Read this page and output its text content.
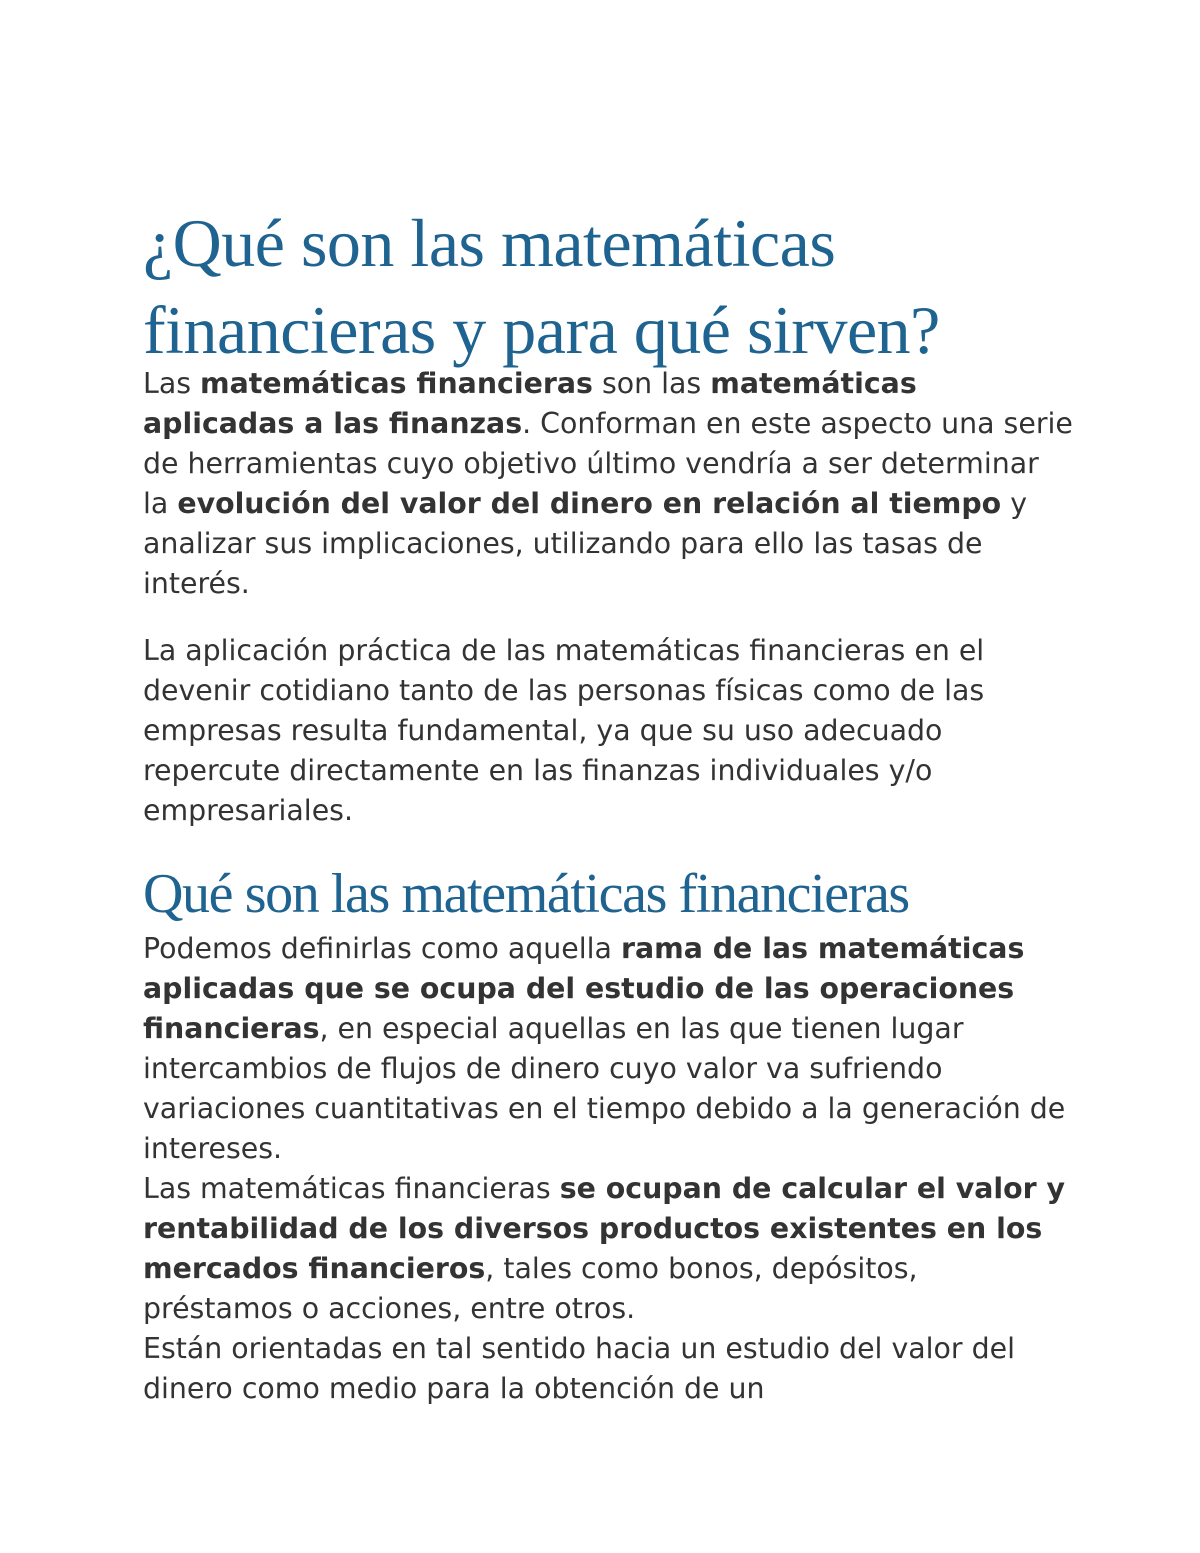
¿Qué son las matemáticas financieras y para qué sirven?

Las matemáticas financieras son las matemáticas aplicadas a las finanzas. Conforman en este aspecto una serie de herramientas cuyo objetivo último vendría a ser determinar la evolución del valor del dinero en relación al tiempo y analizar sus implicaciones, utilizando para ello las tasas de interés.

La aplicación práctica de las matemáticas financieras en el devenir cotidiano tanto de las personas físicas como de las empresas resulta fundamental, ya que su uso adecuado repercute directamente en las finanzas individuales y/o empresariales.

Qué son las matemáticas financieras

Podemos definirlas como aquella rama de las matemáticas aplicadas que se ocupa del estudio de las operaciones financieras, en especial aquellas en las que tienen lugar intercambios de flujos de dinero cuyo valor va sufriendo variaciones cuantitativas en el tiempo debido a la generación de intereses.

Las matemáticas financieras se ocupan de calcular el valor y rentabilidad de los diversos productos existentes en los mercados financieros, tales como bonos, depósitos, préstamos o acciones, entre otros.

Están orientadas en tal sentido hacia un estudio del valor del dinero como medio para la obtención de un
